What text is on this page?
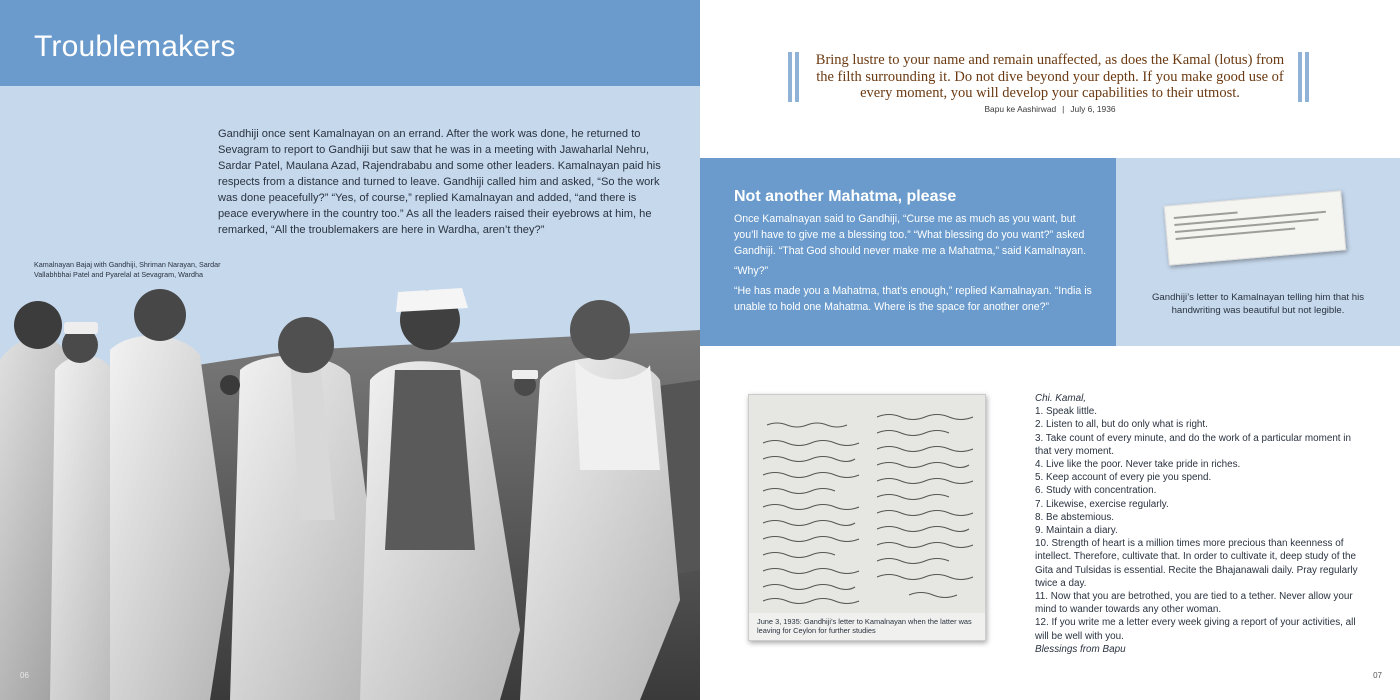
Troublemakers
Gandhiji once sent Kamalnayan on an errand. After the work was done, he returned to Sevagram to report to Gandhiji but saw that he was in a meeting with Jawaharlal Nehru, Sardar Patel, Maulana Azad, Rajendrababu and some other leaders. Kamalnayan paid his respects from a distance and turned to leave. Gandhiji called him and asked, “So the work was done peacefully?” “Yes, of course,” replied Kamalnayan and added, “and there is peace everywhere in the country too.” As all the leaders raised their eyebrows at him, he remarked, “All the troublemakers are here in Wardha, aren’t they?”
Kamalnayan Bajaj with Gandhiji, Shriman Narayan, Sardar Vallabhbhai Patel and Pyarelal at Sevagram, Wardha
06
Bring lustre to your name and remain unaffected, as does the Kamal (lotus) from the filth surrounding it. Do not dive beyond your depth. If you make good use of every moment, you will develop your capabilities to their utmost.
Bapu ke Aashirwad | July 6, 1936
Not another Mahatma, please

Once Kamalnayan said to Gandhiji, “Curse me as much as you want, but you’ll have to give me a blessing too.” “What blessing do you want?” asked Gandhiji. “That God should never make me a Mahatma,” said Kamalnayan.

“Why?”

“He has made you a Mahatma, that’s enough,” replied Kamalnayan. “India is unable to hold one Mahatma. Where is the space for another one?”

Gandhiji’s letter to Kamalnayan telling him that his handwriting was beautiful but not legible.
June 3, 1935: Gandhiji’s letter to Kamalnayan when the latter was leaving for Ceylon for further studies
Chi. Kamal,
1. Speak little.
2. Listen to all, but do only what is right.
3. Take count of every minute, and do the work of a particular moment in that very moment.
4. Live like the poor. Never take pride in riches.
5. Keep account of every pie you spend.
6. Study with concentration.
7. Likewise, exercise regularly.
8. Be abstemious.
9. Maintain a diary.
10. Strength of heart is a million times more precious than keenness of intellect. Therefore, cultivate that. In order to cultivate it, deep study of the Gita and Tulsidas is essential. Recite the Bhajanawali daily. Pray regularly twice a day.
11. Now that you are betrothed, you are tied to a tether. Never allow your mind to wander towards any other woman.
12. If you write me a letter every week giving a report of your activities, all will be well with you.
Blessings from Bapu
07
